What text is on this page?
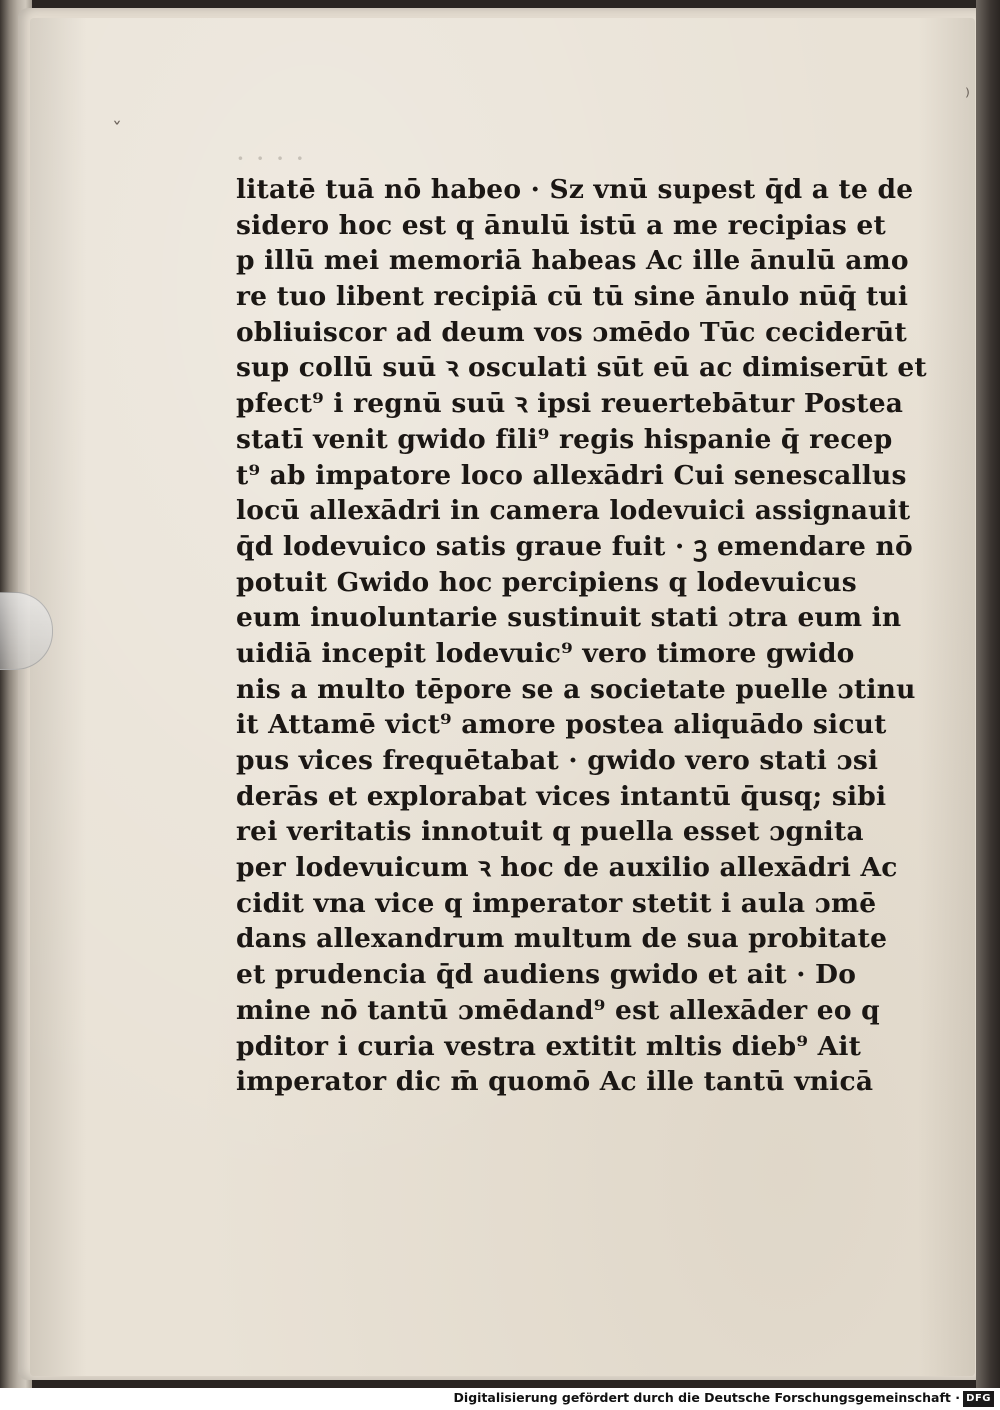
⁾
ˇ
· · · ·
litatē tuā nō habeo · Sz vnū supest q̄d a te de
sidero hoc est q ānulū istū a me recipias et
p illū mei memoriā habeas Ac ille ānulū amo
re tuo libent recipiā cū tū sine ānulo nūq̄ tui
obliuiscor ad deum vos ɔmēdo Tūc ceciderūt
sup collū suū ꝛ osculati sūt eū ac dimiserūt et
pfect⁹ i regnū suū ꝛ ipsi reuertebātur Postea
statī venit gwido fili⁹ regis hispanie q̄ recep
t⁹ ab impatore loco allexādri Cui senescallus
locū allexādri in camera lodevuici assignauit
q̄d lodevuico satis graue fuit · ꝫ emendare nō
potuit Gwido hoc percipiens q lodevuicus
eum inuoluntarie sustinuit stati ɔtra eum in
uidiā incepit lodevuic⁹ vero timore gwido
nis a multo tēpore se a societate puelle ɔtinu
it Attamē vict⁹ amore postea aliquādo sicut
pus vices frequētabat · gwido vero stati ɔsi
derās et explorabat vices intantū q̄usq; sibi
rei veritatis innotuit q puella esset ɔgnita
per lodevuicum ꝛ hoc de auxilio allexādri Ac
cidit vna vice q imperator stetit i aula ɔmē
dans allexandrum multum de sua probitate
et prudencia q̄d audiens gwido et ait · Do
mine nō tantū ɔmēdand⁹ est allexāder eo q
pditor i curia vestra extitit mltis dieb⁹ Ait
imperator dic m̄ quomō Ac ille tantū vnicā
Digitalisierung gefördert durch die Deutsche Forschungsgemeinschaft · DFG
